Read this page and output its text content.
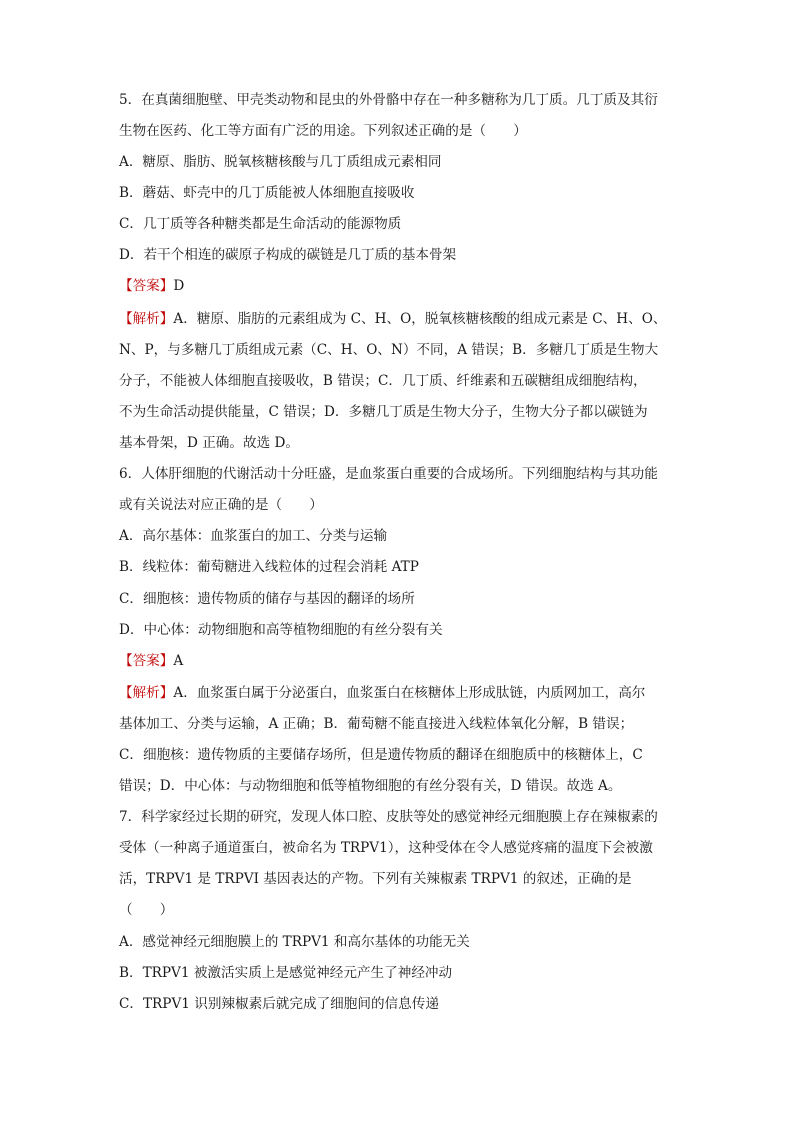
5．在真菌细胞壁、甲壳类动物和昆虫的外骨骼中存在一种多糖称为几丁质。几丁质及其衍
生物在医药、化工等方面有广泛的用途。下列叙述正确的是（　　）
A．糖原、脂肪、脱氧核糖核酸与几丁质组成元素相同
B．蘑菇、虾壳中的几丁质能被人体细胞直接吸收
C．几丁质等各种糖类都是生命活动的能源物质
D．若干个相连的碳原子构成的碳链是几丁质的基本骨架
【答案】D
【解析】A．糖原、脂肪的元素组成为 C、H、O，脱氧核糖核酸的组成元素是 C、H、O、
N、P，与多糖几丁质组成元素（C、H、O、N）不同，A 错误；B．多糖几丁质是生物大
分子，不能被人体细胞直接吸收，B 错误；C．几丁质、纤维素和五碳糖组成细胞结构，
不为生命活动提供能量，C 错误；D．多糖几丁质是生物大分子，生物大分子都以碳链为
基本骨架，D 正确。故选 D。
6．人体肝细胞的代谢活动十分旺盛，是血浆蛋白重要的合成场所。下列细胞结构与其功能
或有关说法对应正确的是（　　）
A．高尔基体：血浆蛋白的加工、分类与运输
B．线粒体：葡萄糖进入线粒体的过程会消耗 ATP
C．细胞核：遗传物质的储存与基因的翻译的场所
D．中心体：动物细胞和高等植物细胞的有丝分裂有关
【答案】A
【解析】A．血浆蛋白属于分泌蛋白，血浆蛋白在核糖体上形成肽链，内质网加工，高尔
基体加工、分类与运输，A 正确；B．葡萄糖不能直接进入线粒体氧化分解，B 错误；
C．细胞核：遗传物质的主要储存场所，但是遗传物质的翻译在细胞质中的核糖体上，C
错误；D．中心体：与动物细胞和低等植物细胞的有丝分裂有关，D 错误。故选 A。
7．科学家经过长期的研究，发现人体口腔、皮肤等处的感觉神经元细胞膜上存在辣椒素的
受体（一种离子通道蛋白，被命名为 TRPV1），这种受体在令人感觉疼痛的温度下会被激
活，TRPV1 是 TRPVI 基因表达的产物。下列有关辣椒素 TRPV1 的叙述，正确的是
（　　）
A．感觉神经元细胞膜上的 TRPV1 和高尔基体的功能无关
B．TRPV1 被激活实质上是感觉神经元产生了神经冲动
C．TRPV1 识别辣椒素后就完成了细胞间的信息传递
